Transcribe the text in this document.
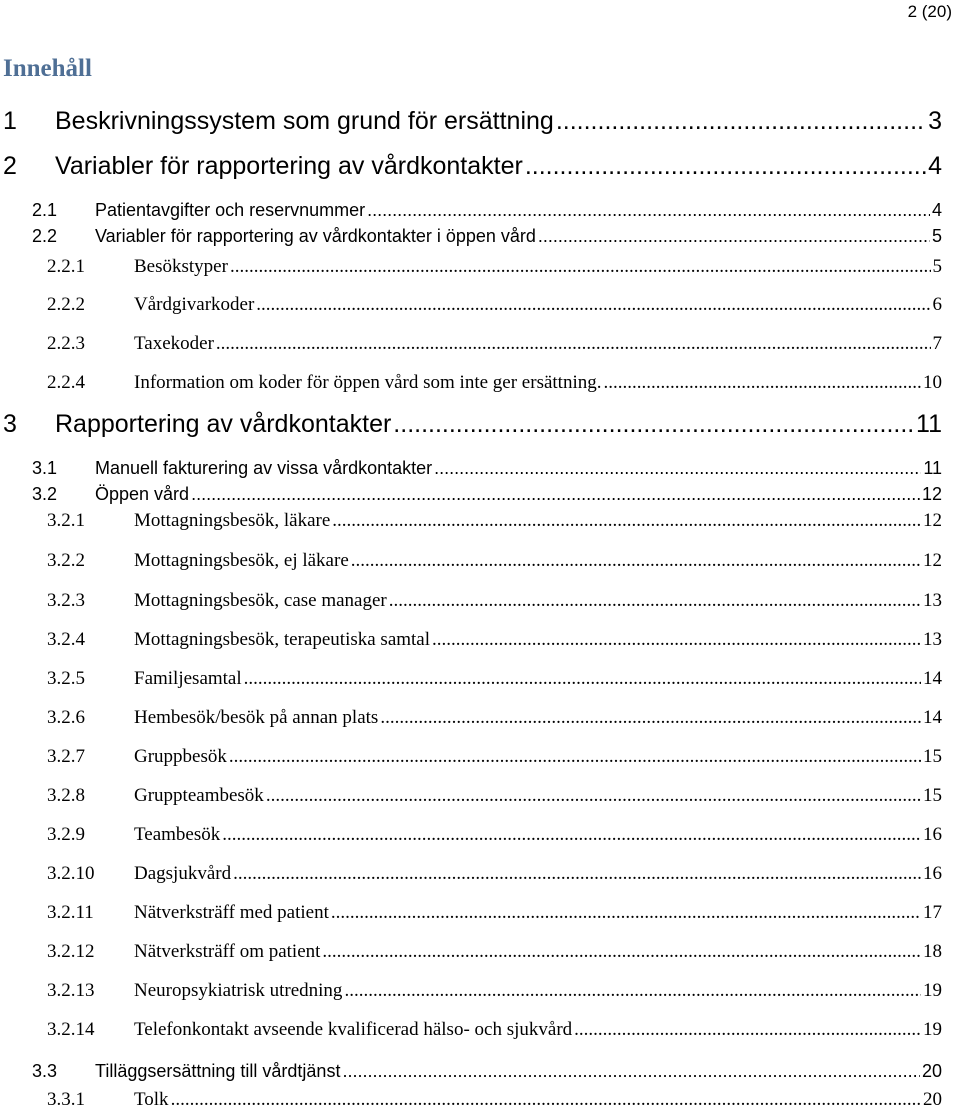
2 (20)
Innehåll
1	Beskrivningssystem som grund för ersättning .....	3
2	Variabler för rapportering av vårdkontakter .....	4
2.1	Patientavgifter och reservnummer .....	4
2.2	Variabler för rapportering av vårdkontakter i öppen vård .....	5
2.2.1	Besökstyper .....	5
2.2.2	Vårdgivarkoder .....	6
2.2.3	Taxekoder .....	7
2.2.4	Information om koder för öppen vård som inte ger ersättning. .....	10
3	Rapportering av vårdkontakter .....	11
3.1	Manuell fakturering av vissa vårdkontakter .....	11
3.2	Öppen vård .....	12
3.2.1	Mottagningsbesök, läkare .....	12
3.2.2	Mottagningsbesök, ej läkare .....	12
3.2.3	Mottagningsbesök, case manager .....	13
3.2.4	Mottagningsbesök, terapeutiska samtal .....	13
3.2.5	Familjesamtal .....	14
3.2.6	Hembesök/besök på annan plats .....	14
3.2.7	Gruppbesök .....	15
3.2.8	Gruppteambesök .....	15
3.2.9	Teambesök .....	16
3.2.10	Dagsjukvård .....	16
3.2.11	Nätverksträff med patient .....	17
3.2.12	Nätverksträff om patient .....	18
3.2.13	Neuropsykiatrisk utredning .....	19
3.2.14	Telefonkontakt avseende kvalificerad hälso- och sjukvård .....	19
3.3	Tilläggsersättning till vårdtjänst .....	20
3.3.1	Tolk .....	20
